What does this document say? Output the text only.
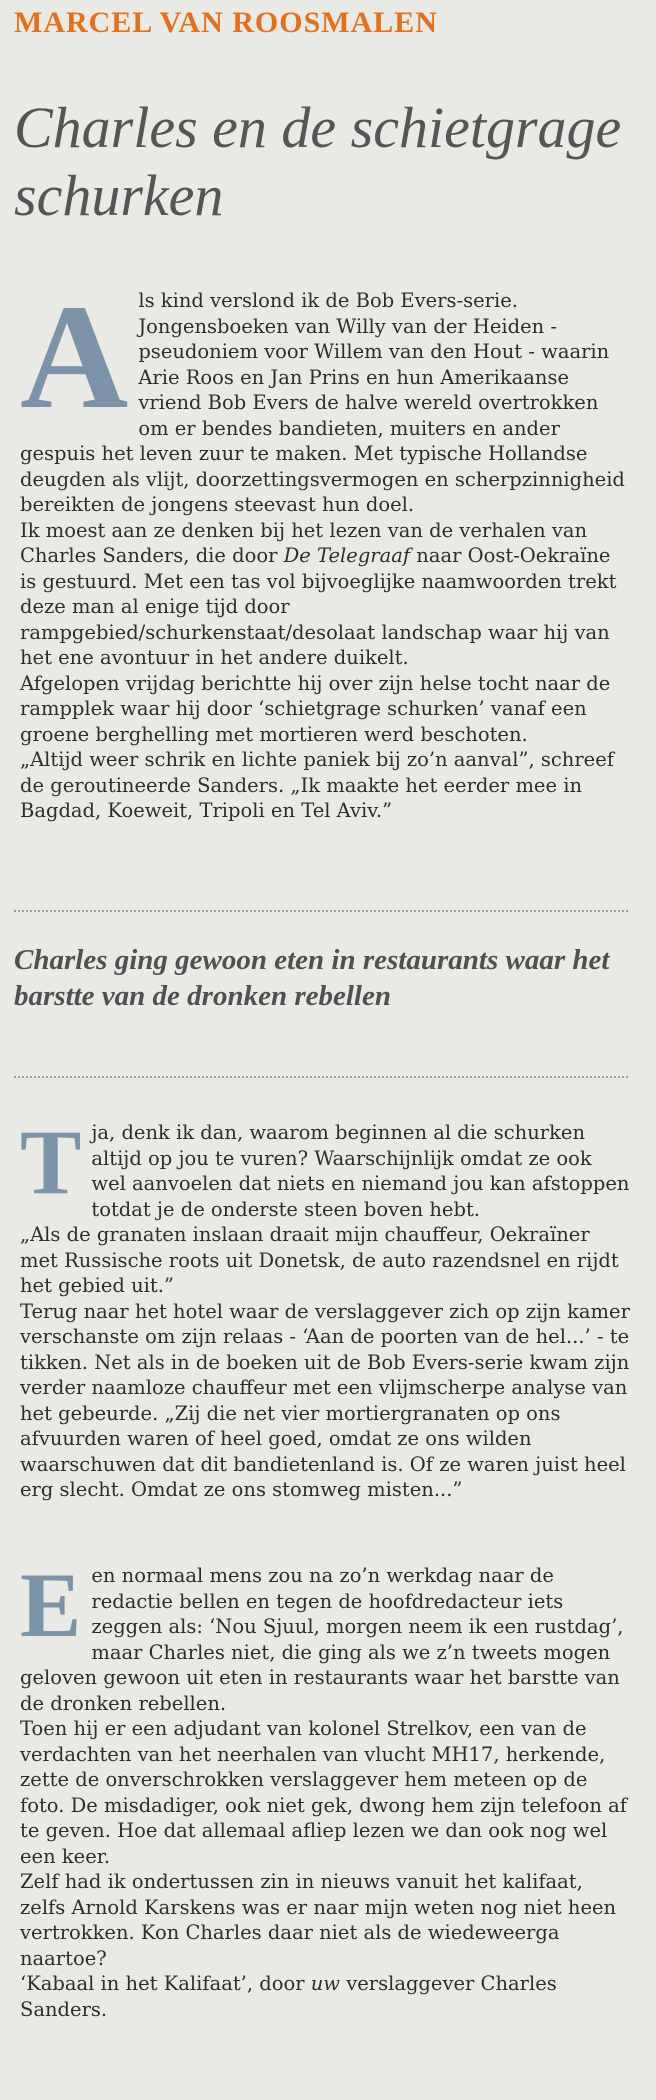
MARCEL VAN ROOSMALEN
Charles en de schietgrage schurken

Als kind verslond ik de Bob Evers-serie. Jongensboeken van Willy van der Heiden - pseudoniem voor Willem van den Hout - waarin Arie Roos en Jan Prins en hun Amerikaanse vriend Bob Evers de halve wereld overtrokken om er bendes bandieten, muiters en ander gespuis het leven zuur te maken. Met typische Hollandse deugden als vlijt, doorzettingsvermogen en scherpzinnigheid bereikten de jongens steevast hun doel.

Ik moest aan ze denken bij het lezen van de verhalen van Charles Sanders, die door De Telegraaf naar Oost-Oekraïne is gestuurd. Met een tas vol bijvoeglijke naamwoorden trekt deze man al enige tijd door rampgebied/schurkenstaat/desolaat landschap waar hij van het ene avontuur in het andere duikelt.

Afgelopen vrijdag berichtte hij over zijn helse tocht naar de rampplek waar hij door ‘schietgrage schurken’ vanaf een groene berghelling met mortieren werd beschoten.

„Altijd weer schrik en lichte paniek bij zo’n aanval”, schreef de geroutineerde Sanders. „Ik maakte het eerder mee in Bagdad, Koeweit, Tripoli en Tel Aviv.”

Charles ging gewoon eten in restaurants waar het barstte van de dronken rebellen

Tja, denk ik dan, waarom beginnen al die schurken altijd op jou te vuren? Waarschijnlijk omdat ze ook wel aanvoelen dat niets en niemand jou kan afstoppen totdat je de onderste steen boven hebt.

„Als de granaten inslaan draait mijn chauffeur, Oekraïner met Russische roots uit Donetsk, de auto razendsnel en rijdt het gebied uit.”

Terug naar het hotel waar de verslaggever zich op zijn kamer verschanste om zijn relaas - ‘Aan de poorten van de hel...’ - te tikken. Net als in de boeken uit de Bob Evers-serie kwam zijn verder naamloze chauffeur met een vlijmscherpe analyse van het gebeurde. „Zij die net vier mortiergranaten op ons afvuurden waren of heel goed, omdat ze ons wilden waarschuwen dat dit bandietenland is. Of ze waren juist heel erg slecht. Omdat ze ons stomweg misten...”

Een normaal mens zou na zo’n werkdag naar de redactie bellen en tegen de hoofdredacteur iets zeggen als: ‘Nou Sjuul, morgen neem ik een rustdag’, maar Charles niet, die ging als we z’n tweets mogen geloven gewoon uit eten in restaurants waar het barstte van de dronken rebellen.

Toen hij er een adjudant van kolonel Strelkov, een van de verdachten van het neerhalen van vlucht MH17, herkende, zette de onverschrokken verslaggever hem meteen op de foto. De misdadiger, ook niet gek, dwong hem zijn telefoon af te geven. Hoe dat allemaal afliep lezen we dan ook nog wel een keer.

Zelf had ik ondertussen zin in nieuws vanuit het kalifaat, zelfs Arnold Karskens was er naar mijn weten nog niet heen vertrokken. Kon Charles daar niet als de wiedeweerga naartoe?

‘Kabaal in het Kalifaat’, door uw verslaggever Charles Sanders.
